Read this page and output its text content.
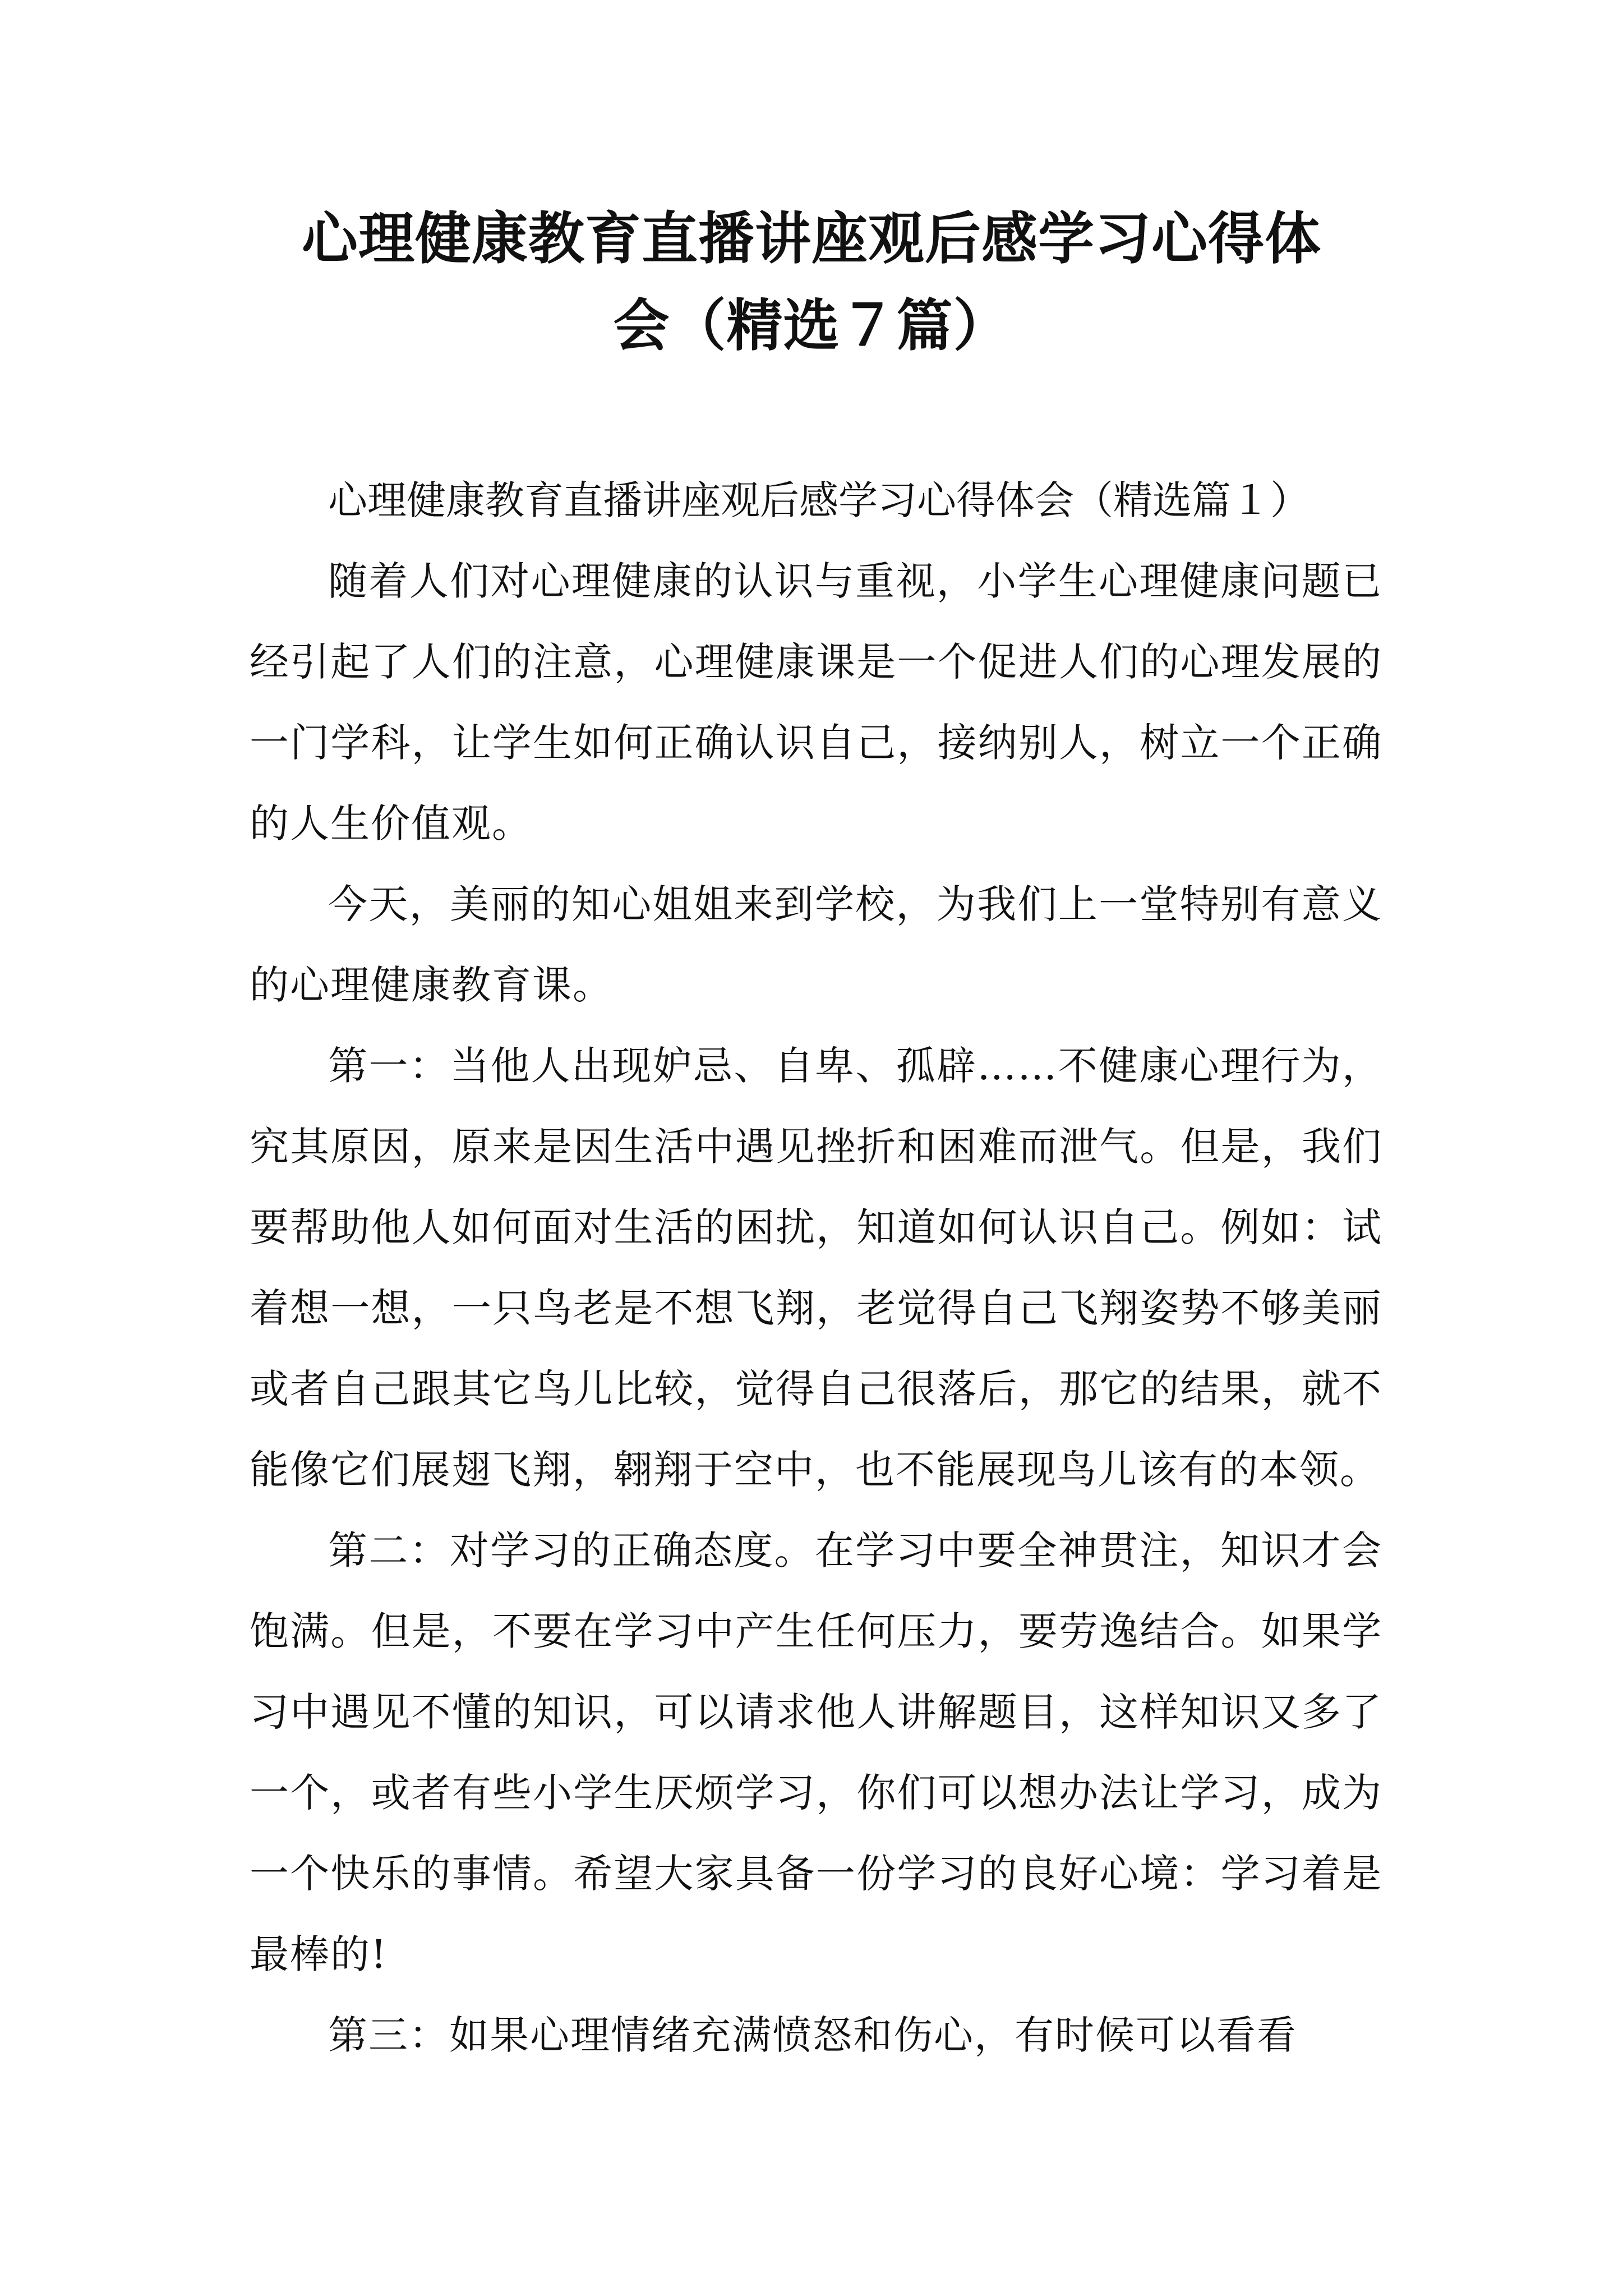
心理健康教育直播讲座观后感学习心得体
会（精选７篇）

心理健康教育直播讲座观后感学习心得体会（精选篇１）

随着人们对心理健康的认识与重视，小学生心理健康问题已经引起了人们的注意，心理健康课是一个促进人们的心理发展的一门学科，让学生如何正确认识自己，接纳别人，树立一个正确的人生价值观。

今天，美丽的知心姐姐来到学校，为我们上一堂特别有意义的心理健康教育课。

第一：当他人出现妒忌、自卑、孤辟……不健康心理行为，究其原因，原来是因生活中遇见挫折和困难而泄气。但是，我们要帮助他人如何面对生活的困扰，知道如何认识自己。例如：试着想一想，一只鸟老是不想飞翔，老觉得自己飞翔姿势不够美丽或者自己跟其它鸟儿比较，觉得自己很落后，那它的结果，就不能像它们展翅飞翔，翱翔于空中，也不能展现鸟儿该有的本领。

第二：对学习的正确态度。在学习中要全神贯注，知识才会饱满。但是，不要在学习中产生任何压力，要劳逸结合。如果学习中遇见不懂的知识，可以请求他人讲解题目，这样知识又多了一个，或者有些小学生厌烦学习，你们可以想办法让学习，成为一个快乐的事情。希望大家具备一份学习的良好心境：学习着是最棒的!

第三：如果心理情绪充满愤怒和伤心，有时候可以看看
